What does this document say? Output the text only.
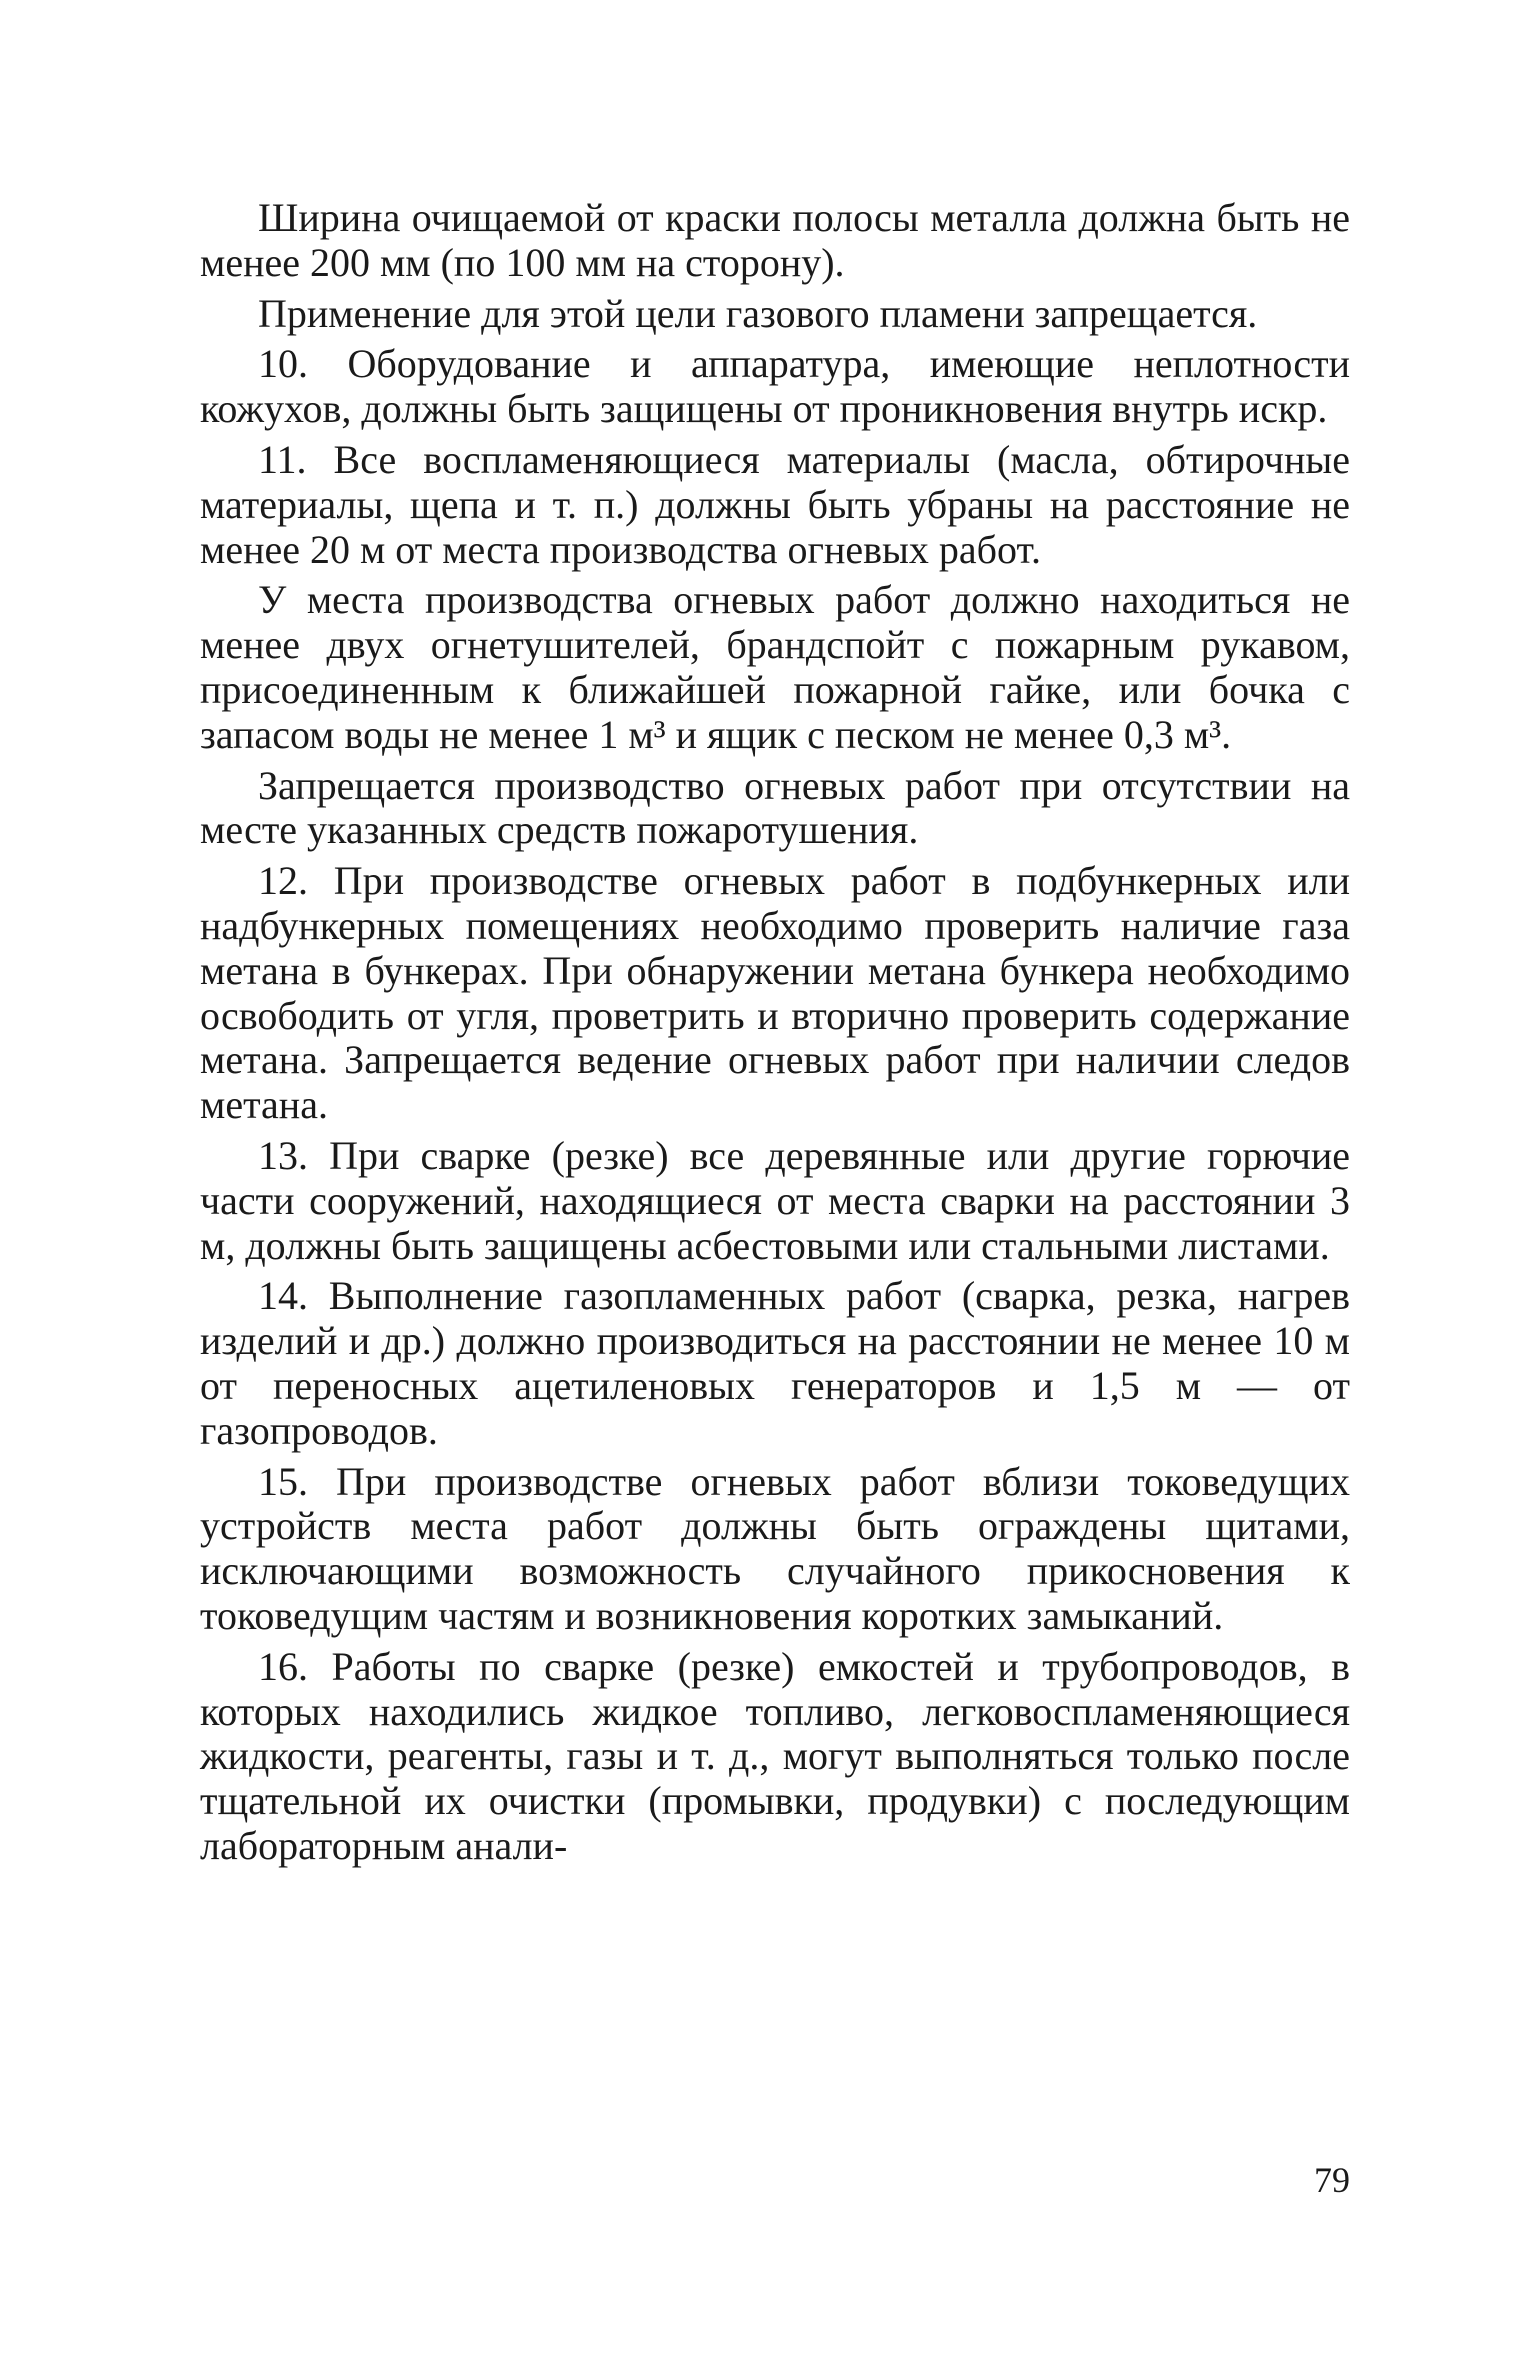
Ширина очищаемой от краски полосы металла должна быть не менее 200 мм (по 100 мм на сторону).

Применение для этой цели газового пламени запрещается.

10. Оборудование и аппаратура, имеющие неплотности кожухов, должны быть защищены от проникновения внутрь искр.

11. Все воспламеняющиеся материалы (масла, обтирочные материалы, щепа и т. п.) должны быть убраны на расстояние не менее 20 м от места производства огневых работ.

У места производства огневых работ должно находиться не менее двух огнетушителей, брандспойт с пожарным рукавом, присоединенным к ближайшей пожарной гайке, или бочка с запасом воды не менее 1 м³ и ящик с песком не менее 0,3 м³.

Запрещается производство огневых работ при отсутствии на месте указанных средств пожаротушения.

12. При производстве огневых работ в подбункерных или надбункерных помещениях необходимо проверить наличие газа метана в бункерах. При обнаружении метана бункера необходимо освободить от угля, проветрить и вторично проверить содержание метана. Запрещается ведение огневых работ при наличии следов метана.

13. При сварке (резке) все деревянные или другие горючие части сооружений, находящиеся от места сварки на расстоянии 3 м, должны быть защищены асбестовыми или стальными листами.

14. Выполнение газопламенных работ (сварка, резка, нагрев изделий и др.) должно производиться на расстоянии не менее 10 м от переносных ацетиленовых генераторов и 1,5 м — от газопроводов.

15. При производстве огневых работ вблизи токоведущих устройств места работ должны быть ограждены щитами, исключающими возможность случайного прикосновения к токоведущим частям и возникновения коротких замыканий.

16. Работы по сварке (резке) емкостей и трубопроводов, в которых находились жидкое топливо, легковоспламеняющиеся жидкости, реагенты, газы и т. д., могут выполняться только после тщательной их очистки (промывки, продувки) с последующим лабораторным анали-

79
